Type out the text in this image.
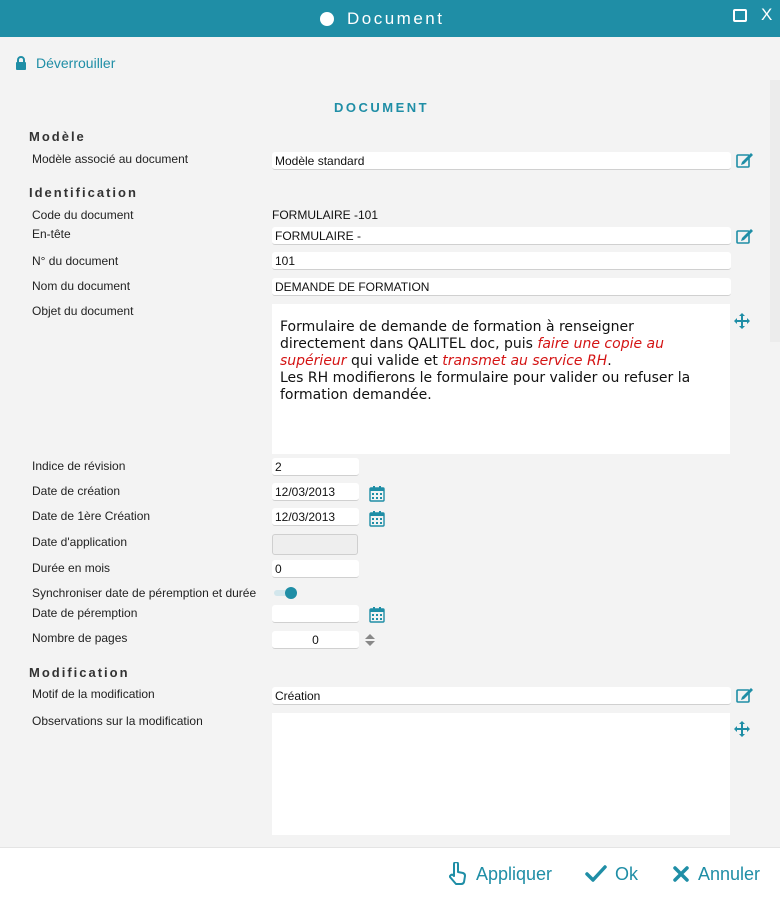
Document	X
Déverrouiller
DOCUMENT
Modèle
Modèle associé au document	Modèle standard
Identification
Code du document	FORMULAIRE -101
En-tête	FORMULAIRE -
N° du document	101
Nom du document	DEMANDE DE FORMATION
Objet du document
Formulaire de demande de formation à renseigner directement dans QALITEL doc, puis faire une copie au supérieur qui valide et transmet au service RH.
Les RH modifierons le formulaire pour valider ou refuser la formation demandée.
Indice de révision	2
Date de création	12/03/2013
Date de 1ère Création	12/03/2013
Date d'application
Durée en mois	0
Synchroniser date de péremption et durée
Date de péremption
Nombre de pages	0
Modification
Motif de la modification	Création
Observations sur la modification
Appliquer	Ok	Annuler
